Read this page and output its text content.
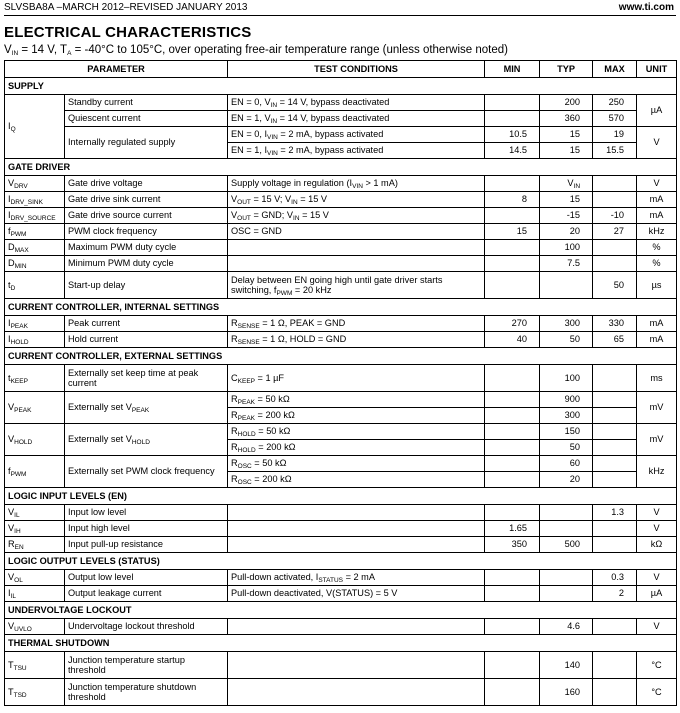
SLVSBA8A –MARCH 2012–REVISED JANUARY 2013	www.ti.com
ELECTRICAL CHARACTERISTICS
$V_{IN} = 14$ V, $T_A = -40^\circ C$ to 105°C, over operating free-air temperature range (unless otherwise noted)
PARAMETER		TEST CONDITIONS	MIN	TYP	MAX	UNIT
SUPPLY						
$I_Q$	Standby current	EN = 0, $V_{IN} = 14$ V, bypass deactivated		200	250	µA
	Quiescent current	EN = 1, $V_{IN} = 14$ V, bypass deactivated		360	570	
	Internally regulated supply	EN = 0, $I_{VIN} = 2$ mA, bypass activated	10.5	15	19	V
		EN = 1, $I_{VIN} = 2$ mA, bypass activated	14.5	15	15.5	
GATE DRIVER						
$V_{DRV}$	Gate drive voltage	Supply voltage in regulation ($I_{VIN} > 1$ mA)		$V_{IN}$		V
$I_{DRV\_SINK}$	Gate drive sink current	$V_{OUT} = 15$ V; $V_{IN} = 15$ V	8	15		mA
$I_{DRV\_SOURCE}$	Gate drive source current	$V_{OUT}$ = GND; $V_{IN} = 15$ V		-15	-10	mA
$f_{PWM}$	PWM clock frequency	OSC = GND	15	20	27	kHz
$D_{MAX}$	Maximum PWM duty cycle			100		%
$D_{MIN}$	Minimum PWM duty cycle			7.5		%
$t_D$	Start-up delay	Delay between EN going high until gate driver starts switching, $f_{PWM} = 20$ kHz			50	µs
CURRENT CONTROLLER, INTERNAL SETTINGS						
$I_{PEAK}$	Peak current	$R_{SENSE} = 1$ Ω, PEAK = GND	270	300	330	mA
$I_{HOLD}$	Hold current	$R_{SENSE} = 1$ Ω, HOLD = GND	40	50	65	mA
CURRENT CONTROLLER, EXTERNAL SETTINGS						
$t_{KEEP}$	Externally set keep time at peak current	$C_{KEEP} = 1$ µF		100		ms
$V_{PEAK}$	Externally set $V_{PEAK}$	$R_{PEAK} = 50$ kΩ		900		mV
		$R_{PEAK} = 200$ kΩ		300		
$V_{HOLD}$	Externally set $V_{HOLD}$	$R_{HOLD} = 50$ kΩ		150		mV
		$R_{HOLD} = 200$ kΩ		50		
$f_{PWM}$	Externally set PWM clock frequency	$R_{OSC} = 50$ kΩ		60		kHz
		$R_{OSC} = 200$ kΩ		20		
LOGIC INPUT LEVELS (EN)						
$V_{IL}$	Input low level				1.3	V
$V_{IH}$	Input high level		1.65			V
$R_{EN}$	Input pull-up resistance		350	500		kΩ
LOGIC OUTPUT LEVELS (STATUS)						
$V_{OL}$	Output low level	Pull-down activated, $I_{STATUS} = 2$ mA			0.3	V
$I_{IL}$	Output leakage current	Pull-down deactivated, V(STATUS) = 5 V			2	µA
UNDERVOLTAGE LOCKOUT						
$V_{UVLO}$	Undervoltage lockout threshold			4.6		V
THERMAL SHUTDOWN						
$T_{TSU}$	Junction temperature startup threshold			140		°C
$T_{TSD}$	Junction temperature shutdown threshold			160		°C
